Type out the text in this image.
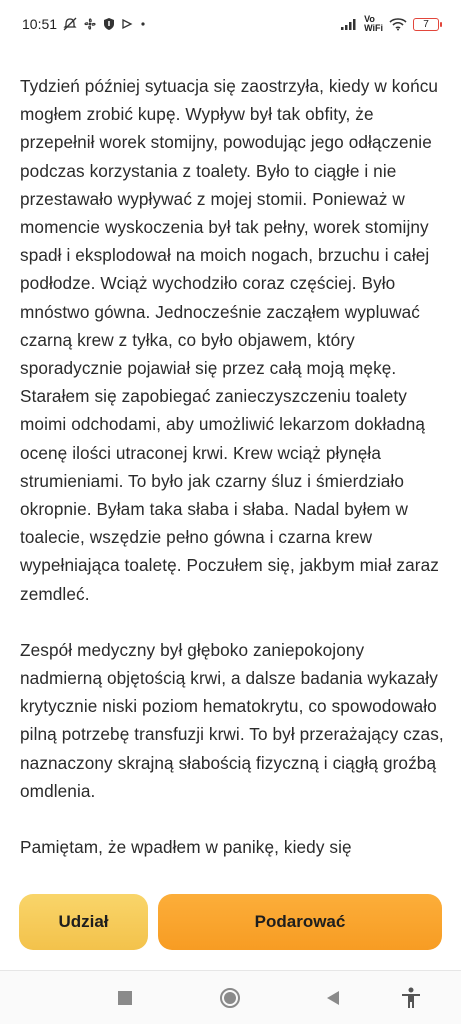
10:51	Vo
WiFi	7

Tydzień później sytuacja się zaostrzyła, kiedy w końcu mogłem zrobić kupę. Wypływ był tak obfity, że przepełnił worek stomijny, powodując jego odłączenie podczas korzystania z toalety. Było to ciągłe i nie przestawało wypływać z mojej stomii. Ponieważ w momencie wyskoczenia był tak pełny, worek stomijny spadł i eksplodował na moich nogach, brzuchu i całej podłodze. Wciąż wychodziło coraz częściej. Było mnóstwo gówna. Jednocześnie zacząłem wypluwać czarną krew z tyłka, co było objawem, który sporadycznie pojawiał się przez całą moją mękę. Starałem się zapobiegać zanieczyszczeniu toalety moimi odchodami, aby umożliwić lekarzom dokładną ocenę ilości utraconej krwi. Krew wciąż płynęła strumieniami. To było jak czarny śluz i śmierdziało okropnie. Byłam taka słaba i słaba. Nadal byłem w toalecie, wszędzie pełno gówna i czarna krew wypełniająca toaletę. Poczułem się, jakbym miał zaraz zemdleć.

Zespół medyczny był głęboko zaniepokojony nadmierną objętością krwi, a dalsze badania wykazały krytycznie niski poziom hematokrytu, co spowodowało pilną potrzebę transfuzji krwi. To był przerażający czas, naznaczony skrajną słabością fizyczną i ciągłą groźbą omdlenia.

Pamiętam, że wpadłem w panikę, kiedy się

Udział	Podarować
